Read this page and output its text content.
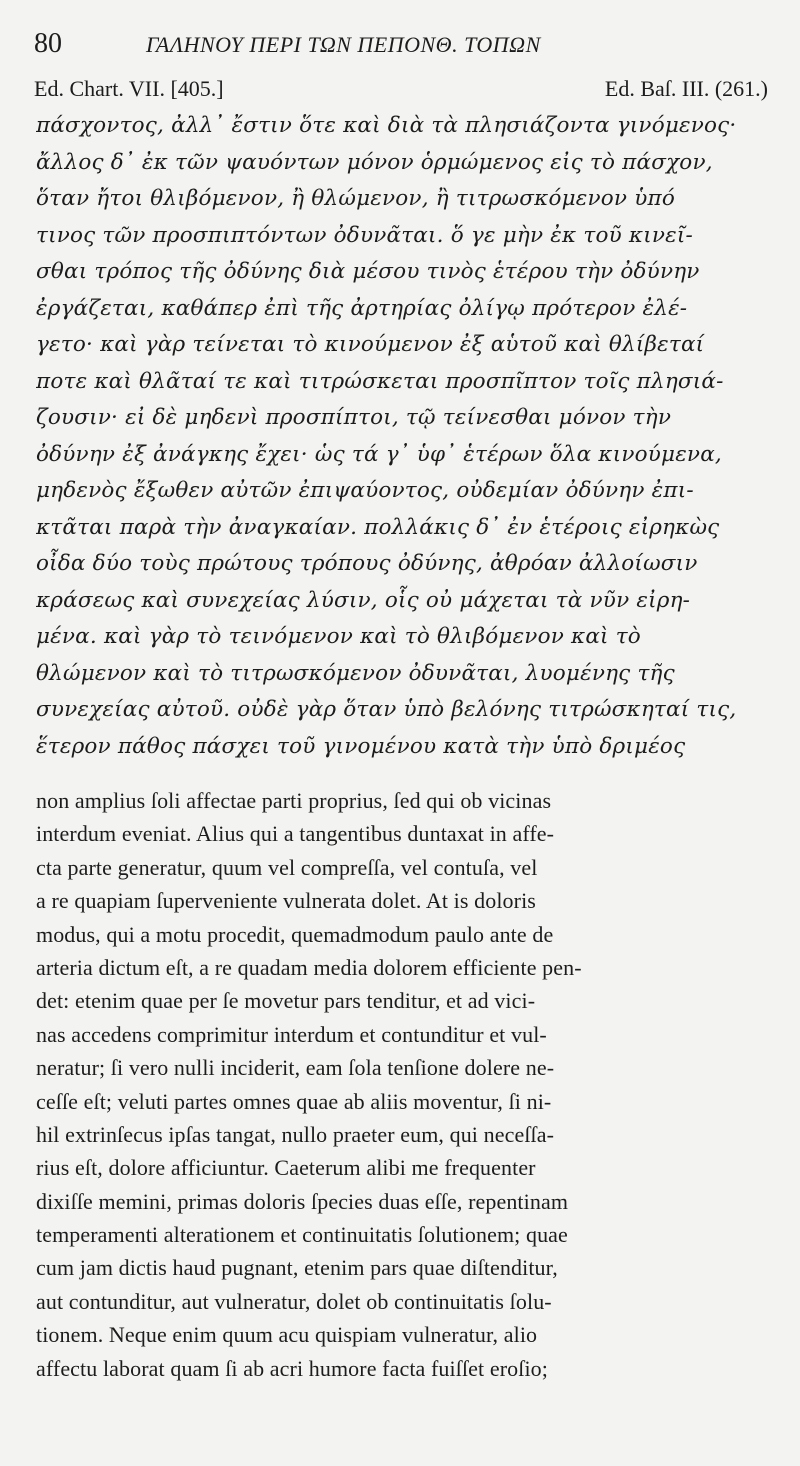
80	ΓΑΛΗΝΟΥ ΠΕΡΙ ΤΩΝ ΠΕΠΟΝΘ. ΤΟΠΩΝ
Ed. Chart. VII. [405.]	Ed. Baſ. III. (261.)
πάσχοντος, ἀλλ᾽ ἔστιν ὅτε καὶ διὰ τὰ πλησιάζοντα γινόμενος·
ἄλλος δ᾽ ἐκ τῶν ψαυόντων μόνον ὁρμώμενος εἰς τὸ πάσχον,
ὅταν ἤτοι θλιβόμενον, ἢ θλώμενον, ἢ τιτρωσκόμενον ὑπό
τινος τῶν προσπιπτόντων ὀδυνᾶται. ὅ γε μὴν ἐκ τοῦ κινεῖ-
σθαι τρόπος τῆς ὀδύνης διὰ μέσου τινὸς ἑτέρου τὴν ὀδύνην
ἐργάζεται, καθάπερ ἐπὶ τῆς ἀρτηρίας ὀλίγῳ πρότερον ἐλέ-
γετο· καὶ γὰρ τείνεται τὸ κινούμενον ἐξ αὑτοῦ καὶ θλίβεταί
ποτε καὶ θλᾶταί τε καὶ τιτρώσκεται προσπῖπτον τοῖς πλησιά-
ζουσιν· εἰ δὲ μηδενὶ προσπίπτοι, τῷ τείνεσθαι μόνον τὴν
ὀδύνην ἐξ ἀνάγκης ἔχει· ὡς τά γ᾽ ὑφ᾽ ἑτέρων ὅλα κινούμενα,
μηδενὸς ἔξωθεν αὐτῶν ἐπιψαύοντος, οὐδεμίαν ὀδύνην ἐπι-
κτᾶται παρὰ τὴν ἀναγκαίαν. πολλάκις δ᾽ ἐν ἑτέροις εἰρηκὼς
οἶδα δύο τοὺς πρώτους τρόπους ὀδύνης, ἀθρόαν ἀλλοίωσιν
κράσεως καὶ συνεχείας λύσιν, οἷς οὐ μάχεται τὰ νῦν εἰρη-
μένα. καὶ γὰρ τὸ τεινόμενον καὶ τὸ θλιβόμενον καὶ τὸ
θλώμενον καὶ τὸ τιτρωσκόμενον ὀδυνᾶται, λυομένης τῆς
συνεχείας αὐτοῦ. οὐδὲ γὰρ ὅταν ὑπὸ βελόνης τιτρώσκηταί τις,
ἕτερον πάθος πάσχει τοῦ γινομένου κατὰ τὴν ὑπὸ δριμέος
non amplius ſoli affectae parti proprius, ſed qui ob vicinas
interdum eveniat. Alius qui a tangentibus duntaxat in affe-
cta parte generatur, quum vel compreſſa, vel contuſa, vel
a re quapiam ſuperveniente vulnerata dolet. At is doloris
modus, qui a motu procedit, quemadmodum paulo ante de
arteria dictum eſt, a re quadam media dolorem efficiente pen-
det: etenim quae per ſe movetur pars tenditur, et ad vici-
nas accedens comprimitur interdum et contunditur et vul-
neratur; ſi vero nulli inciderit, eam ſola tenſione dolere ne-
ceſſe eſt; veluti partes omnes quae ab aliis moventur, ſi ni-
hil extrinſecus ipſas tangat, nullo praeter eum, qui neceſſa-
rius eſt, dolore afficiuntur. Caeterum alibi me frequenter
dixiſſe memini, primas doloris ſpecies duas eſſe, repentinam
temperamenti alterationem et continuitatis ſolutionem; quae
cum jam dictis haud pugnant, etenim pars quae diſtenditur,
aut contunditur, aut vulneratur, dolet ob continuitatis ſolu-
tionem. Neque enim quum acu quispiam vulneratur, alio
affectu laborat quam ſi ab acri humore facta fuiſſet eroſio;
